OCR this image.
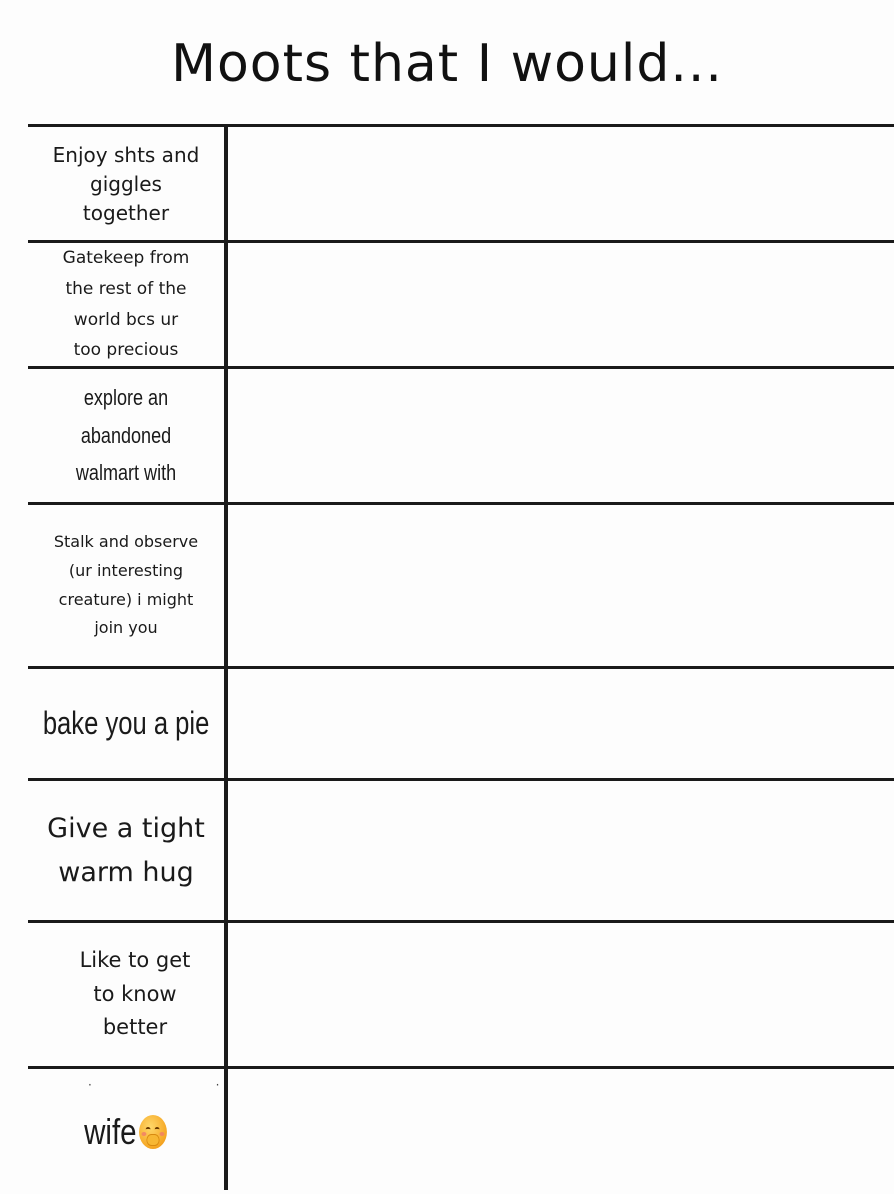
Moots that I would...
Enjoy shts and
giggles
together
Gatekeep from
the rest of the
world bcs ur
too precious
explore an
abandoned
walmart with
Stalk and observe
(ur interesting
creature) i might
join you
bake you a pie
Give a tight
warm hug
Like to get
to know
better
· ·
wife
